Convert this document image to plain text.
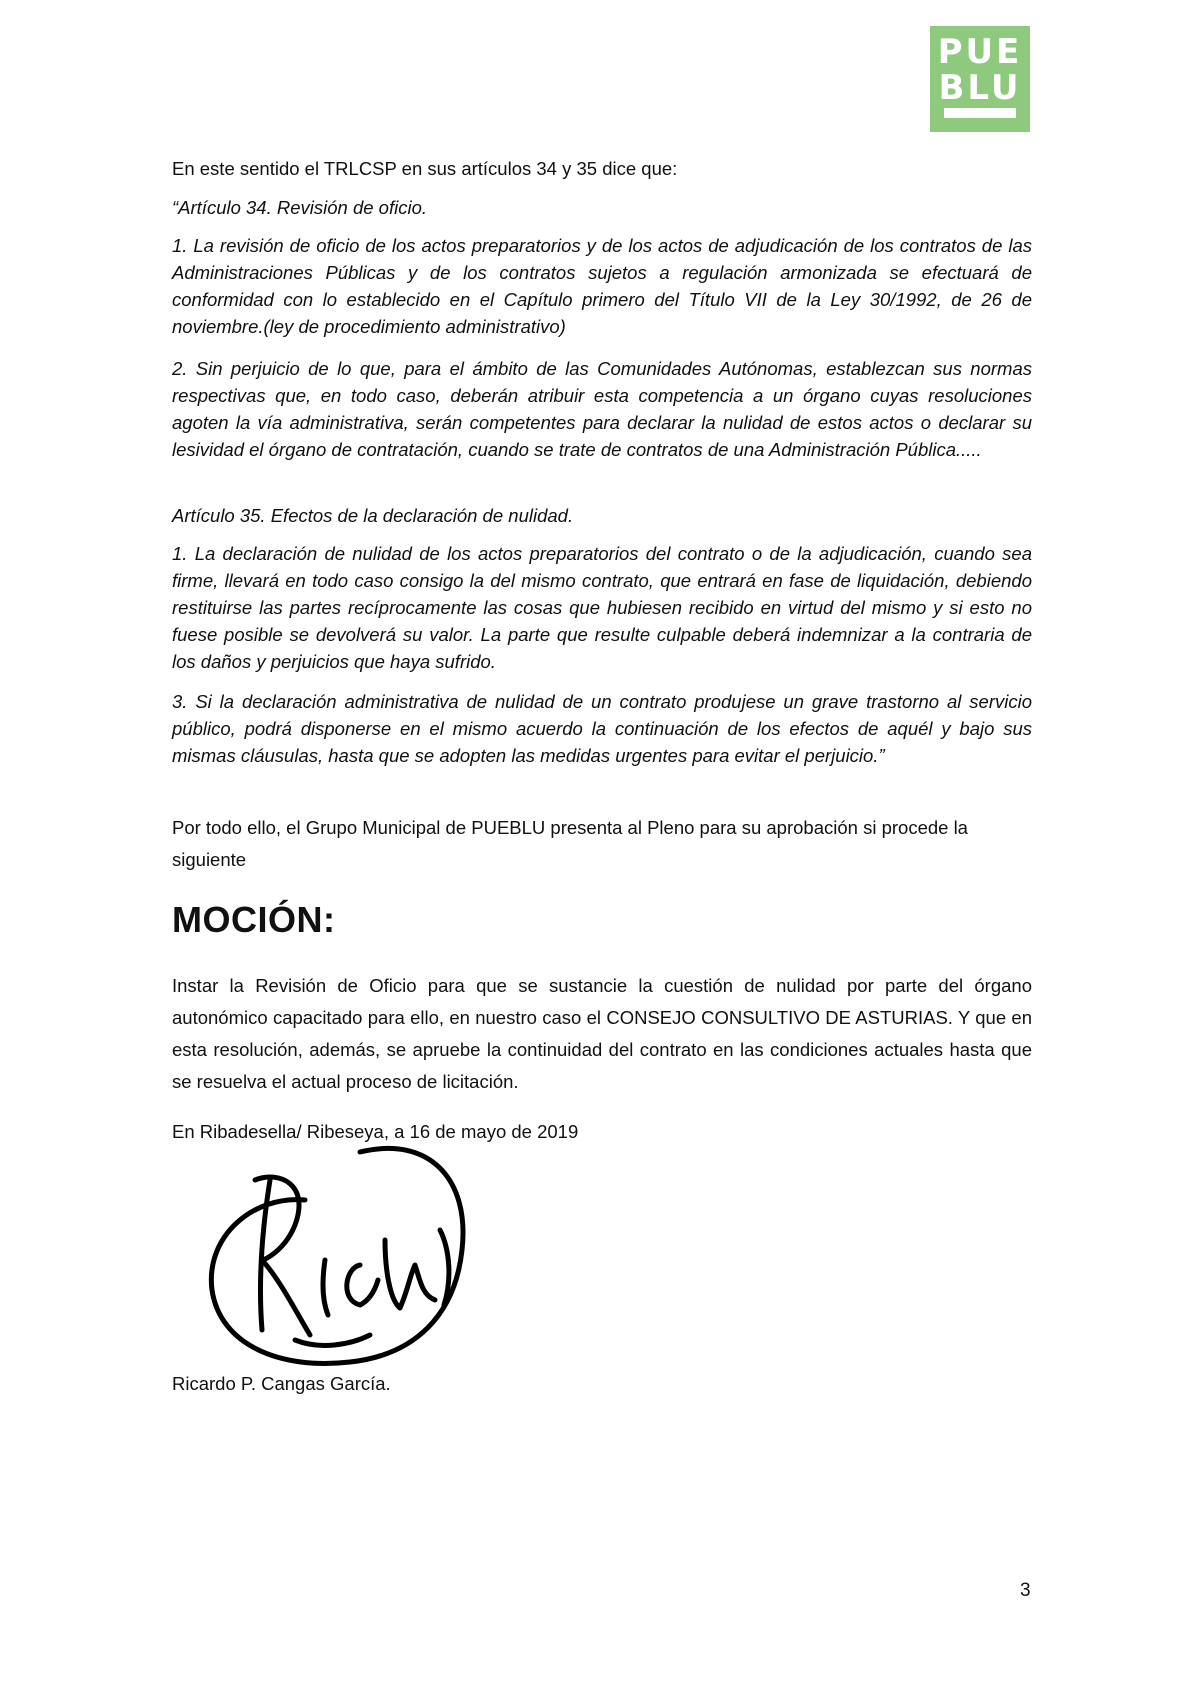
PUE
BLU

En este sentido el TRLCSP en sus artículos 34 y 35 dice que:

“Artículo 34. Revisión de oficio.

1. La revisión de oficio de los actos preparatorios y de los actos de adjudicación de los contratos de las Administraciones Públicas y de los contratos sujetos a regulación armonizada se efectuará de conformidad con lo establecido en el Capítulo primero del Título VII de la Ley 30/1992, de 26 de noviembre.(ley de procedimiento administrativo)

2. Sin perjuicio de lo que, para el ámbito de las Comunidades Autónomas, establezcan sus normas respectivas que, en todo caso, deberán atribuir esta competencia a un órgano cuyas resoluciones agoten la vía administrativa, serán competentes para declarar la nulidad de estos actos o declarar su lesividad el órgano de contratación, cuando se trate de contratos de una Administración Pública.....

Artículo 35. Efectos de la declaración de nulidad.

1. La declaración de nulidad de los actos preparatorios del contrato o de la adjudicación, cuando sea firme, llevará en todo caso consigo la del mismo contrato, que entrará en fase de liquidación, debiendo restituirse las partes recíprocamente las cosas que hubiesen recibido en virtud del mismo y si esto no fuese posible se devolverá su valor. La parte que resulte culpable deberá indemnizar a la contraria de los daños y perjuicios que haya sufrido.

3. Si la declaración administrativa de nulidad de un contrato produjese un grave trastorno al servicio público, podrá disponerse en el mismo acuerdo la continuación de los efectos de aquél y bajo sus mismas cláusulas, hasta que se adopten las medidas urgentes para evitar el perjuicio.”

Por todo ello, el Grupo Municipal de PUEBLU presenta al Pleno para su aprobación si procede la siguiente

MOCIÓN:

Instar la Revisión de Oficio para que se sustancie la cuestión de nulidad por parte del órgano autonómico capacitado para ello, en nuestro caso el CONSEJO CONSULTIVO DE ASTURIAS. Y que en esta resolución, además, se apruebe la continuidad del contrato en las condiciones actuales hasta que se resuelva el actual proceso de licitación.

En Ribadesella/ Ribeseya, a 16 de mayo de 2019

Ricardo P. Cangas García.

3
